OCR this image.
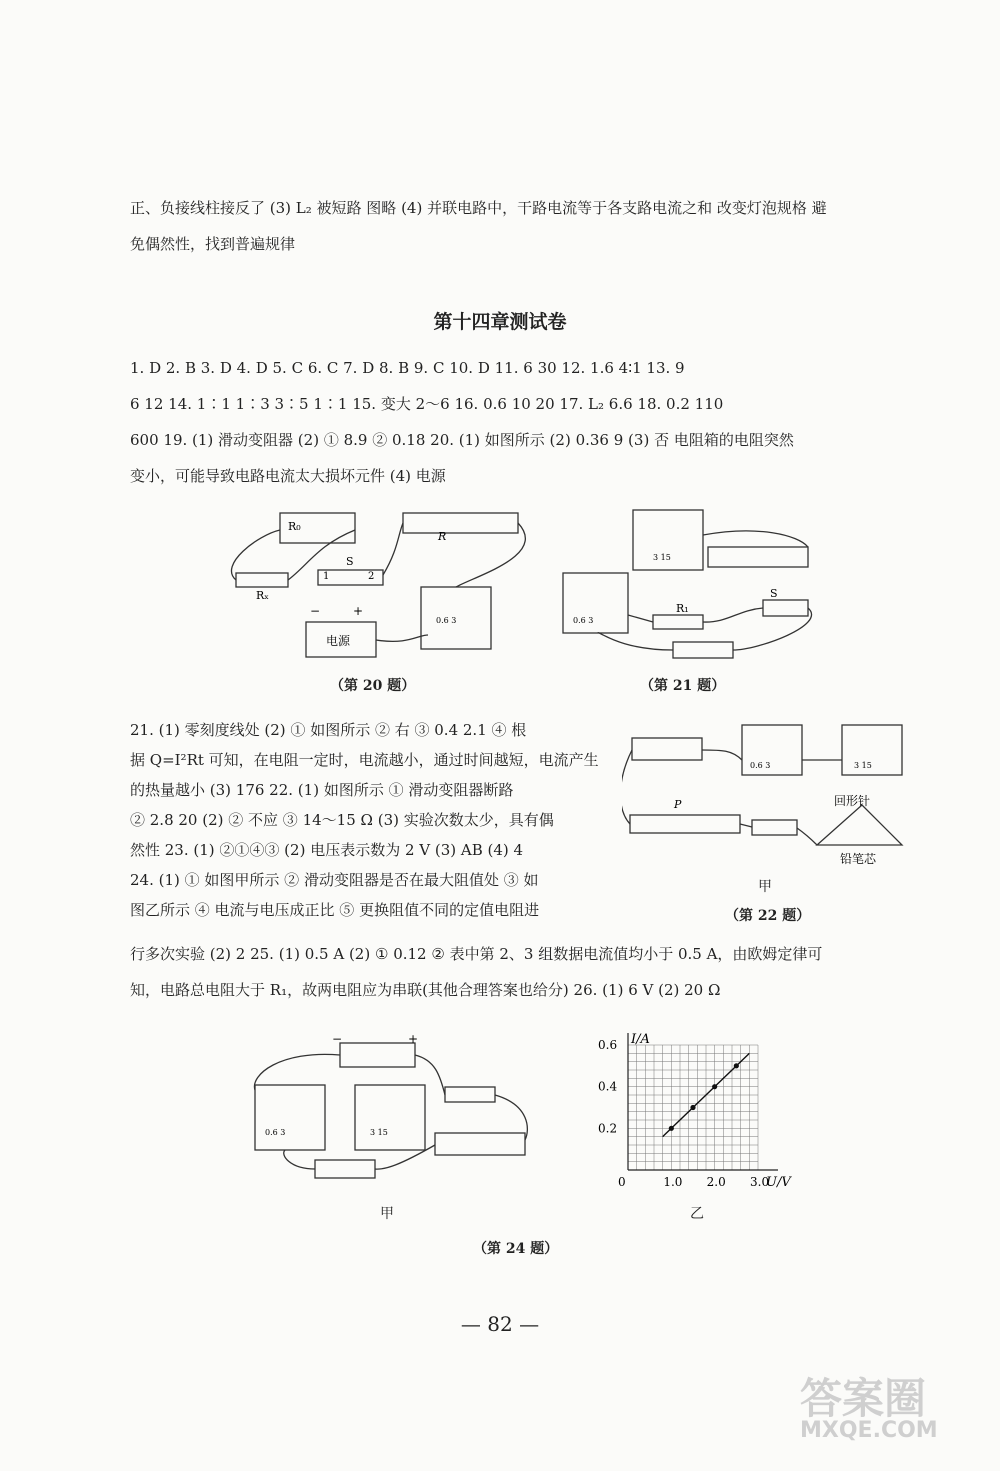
正、负接线柱接反了 (3) L₂ 被短路 图略 (4) 并联电路中，干路电流等于各支路电流之和 改变灯泡规格 避
免偶然性，找到普遍规律
第十四章测试卷
1. D 2. B 3. D 4. D 5. C 6. C 7. D 8. B 9. C 10. D 11. 6 30 12. 1.6 4∶1 13. 9
6 12 14. 1∶1 1∶3 3∶5 1∶1 15. 变大 2～6 16. 0.6 10 20 17. L₂ 6.6 18. 0.2 110
600 19. (1) 滑动变阻器 (2) ① 8.9 ② 0.18 20. (1) 如图所示 (2) 0.36 9 (3) 否 电阻箱的电阻突然
变小，可能导致电路电流太大损坏元件 (4) 电源
R₀
R
Rₓ
S
1	2
−	+
电源
0.6 3
（第 20 题）
3 15
0.6 3
R₁
S
（第 21 题）
21. (1) 零刻度线处 (2) ① 如图所示 ② 右 ③ 0.4 2.1 ④ 根
据 Q=I²Rt 可知，在电阻一定时，电流越小，通过时间越短，电流产生
的热量越小 (3) 176 22. (1) 如图所示 ① 滑动变阻器断路
② 2.8 20 (2) ② 不应 ③ 14～15 Ω (3) 实验次数太少，具有偶
然性 23. (1) ②①④③ (2) 电压表示数为 2 V (3) AB (4) 4
24. (1) ① 如图甲所示 ② 滑动变阻器是否在最大阻值处 ③ 如
图乙所示 ④ 电流与电压成正比 ⑤ 更换阻值不同的定值电阻进
0.6 3	3 15
P	回形针
铅笔芯
甲
（第 22 题）
行多次实验 (2) 2 25. (1) 0.5 A (2) ① 0.12 ② 表中第 2、3 组数据电流值均小于 0.5 A，由欧姆定律可
知，电路总电阻大于 R₁，故两电阻应为串联(其他合理答案也给分) 26. (1) 6 V (2) 20 Ω
−	+
0.6 3	3 15
甲
0	1.0 2.0 3.0
0.2
0.4
0.6 I/A
U/V
乙
（第 24 题）
— 82 —
答案圈
MXQE.COM
